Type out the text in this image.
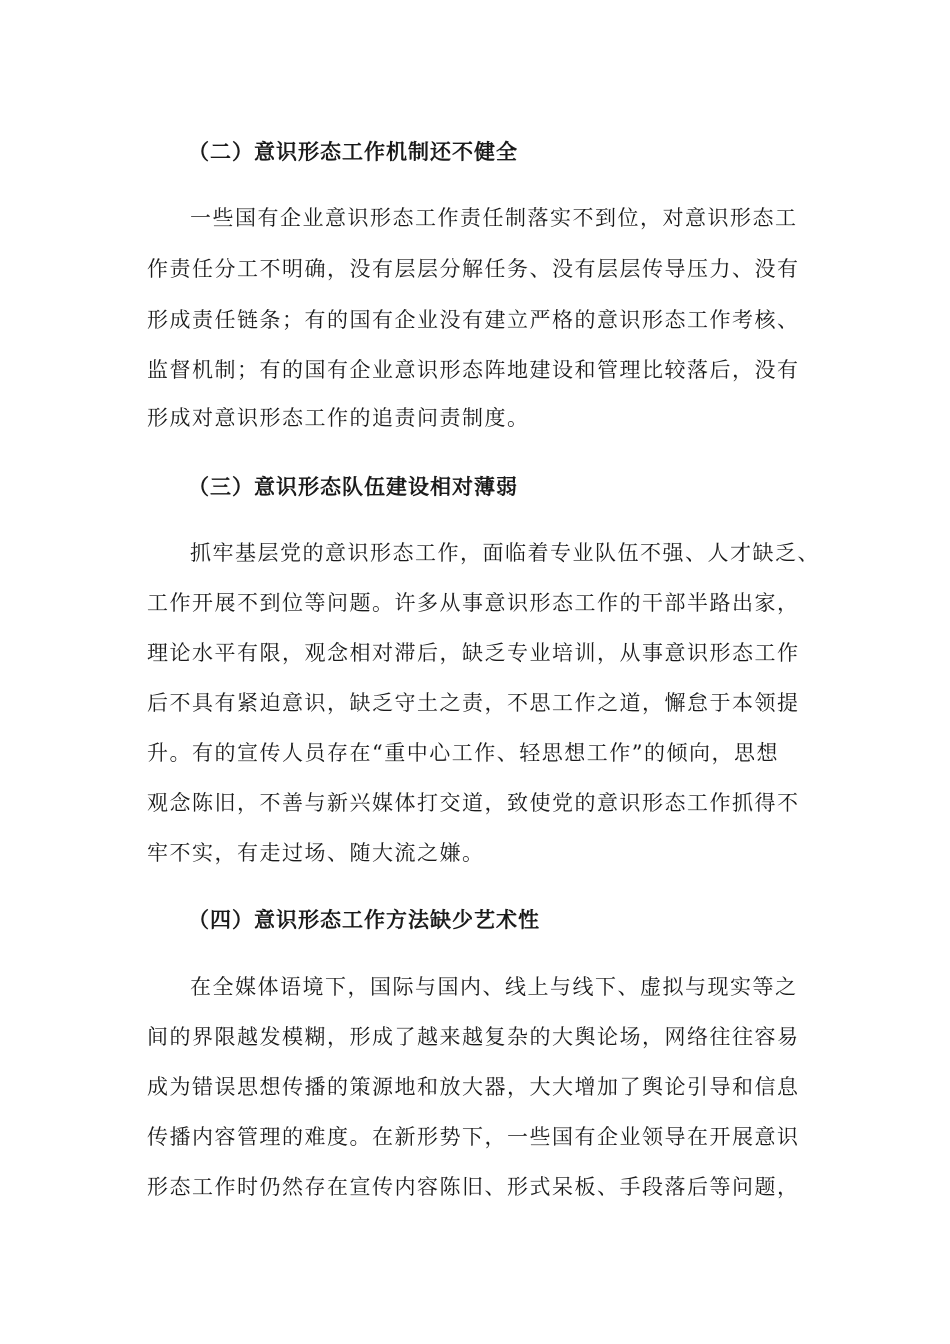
（二）意识形态工作机制还不健全
一些国有企业意识形态工作责任制落实不到位，对意识形态工
作责任分工不明确，没有层层分解任务、没有层层传导压力、没有
形成责任链条；有的国有企业没有建立严格的意识形态工作考核、
监督机制；有的国有企业意识形态阵地建设和管理比较落后，没有
形成对意识形态工作的追责问责制度。
（三）意识形态队伍建设相对薄弱
抓牢基层党的意识形态工作，面临着专业队伍不强、人才缺乏、
工作开展不到位等问题。许多从事意识形态工作的干部半路出家，
理论水平有限，观念相对滞后，缺乏专业培训，从事意识形态工作
后不具有紧迫意识，缺乏守土之责，不思工作之道，懈怠于本领提
升。有的宣传人员存在“重中心工作、轻思想工作”的倾向，思想
观念陈旧，不善与新兴媒体打交道，致使党的意识形态工作抓得不
牢不实，有走过场、随大流之嫌。
（四）意识形态工作方法缺少艺术性
在全媒体语境下，国际与国内、线上与线下、虚拟与现实等之
间的界限越发模糊，形成了越来越复杂的大舆论场，网络往往容易
成为错误思想传播的策源地和放大器，大大增加了舆论引导和信息
传播内容管理的难度。在新形势下，一些国有企业领导在开展意识
形态工作时仍然存在宣传内容陈旧、形式呆板、手段落后等问题，
